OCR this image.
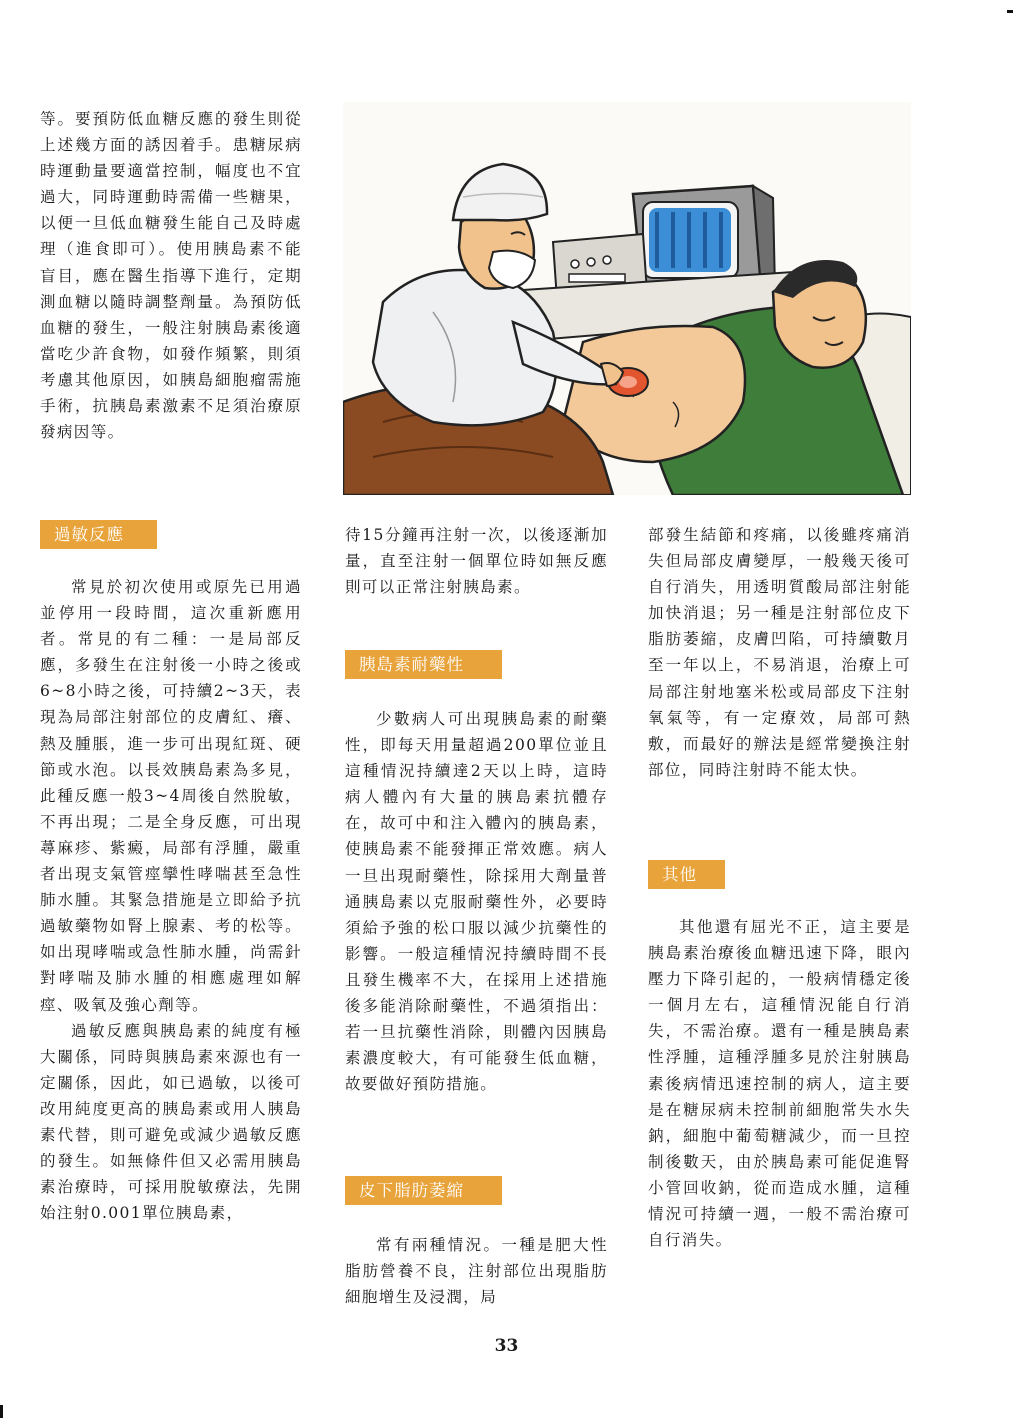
等。要預防低血糖反應的發生則從上述幾方面的誘因着手。患糖尿病時運動量要適當控制，幅度也不宜過大，同時運動時需備一些糖果，以便一旦低血糖發生能自己及時處理（進食即可）。使用胰島素不能盲目，應在醫生指導下進行，定期測血糖以隨時調整劑量。為預防低血糖的發生，一般注射胰島素後適當吃少許食物，如發作頻繁，則須考慮其他原因，如胰島細胞瘤需施手術，抗胰島素激素不足須治療原發病因等。

過敏反應

常見於初次使用或原先已用過並停用一段時間，這次重新應用者。常見的有二種：一是局部反應，多發生在注射後一小時之後或6~8小時之後，可持續2~3天，表現為局部注射部位的皮膚紅、癢、熱及腫脹，進一步可出現紅斑、硬節或水泡。以長效胰島素為多見，此種反應一般3~4周後自然脫敏，不再出現；二是全身反應，可出現蕁麻疹、紫癜，局部有浮腫，嚴重者出現支氣管痙攣性哮喘甚至急性肺水腫。其緊急措施是立即給予抗過敏藥物如腎上腺素、考的松等。如出現哮喘或急性肺水腫，尚需針對哮喘及肺水腫的相應處理如解痙、吸氧及強心劑等。

過敏反應與胰島素的純度有極大關係，同時與胰島素來源也有一定關係，因此，如已過敏，以後可改用純度更高的胰島素或用人胰島素代替，則可避免或減少過敏反應的發生。如無條件但又必需用胰島素治療時，可採用脫敏療法，先開始注射0.001單位胰島素，

待15分鐘再注射一次，以後逐漸加量，直至注射一個單位時如無反應則可以正常注射胰島素。

胰島素耐藥性

少數病人可出現胰島素的耐藥性，即每天用量超過200單位並且這種情況持續達2天以上時，這時病人體內有大量的胰島素抗體存在，故可中和注入體內的胰島素，使胰島素不能發揮正常效應。病人一旦出現耐藥性，除採用大劑量普通胰島素以克服耐藥性外，必要時須給予強的松口服以減少抗藥性的影響。一般這種情況持續時間不長且發生機率不大，在採用上述措施後多能消除耐藥性，不過須指出：若一旦抗藥性消除，則體內因胰島素濃度較大，有可能發生低血糖，故要做好預防措施。

皮下脂肪萎縮

常有兩種情況。一種是肥大性脂肪營養不良，注射部位出現脂肪細胞增生及浸潤，局

部發生結節和疼痛，以後雖疼痛消失但局部皮膚變厚，一般幾天後可自行消失，用透明質酸局部注射能加快消退；另一種是注射部位皮下脂肪萎縮，皮膚凹陷，可持續數月至一年以上，不易消退，治療上可局部注射地塞米松或局部皮下注射氧氣等，有一定療效，局部可熱敷，而最好的辦法是經常變換注射部位，同時注射時不能太快。

其他

其他還有屈光不正，這主要是胰島素治療後血糖迅速下降，眼內壓力下降引起的，一般病情穩定後一個月左右，這種情況能自行消失，不需治療。還有一種是胰島素性浮腫，這種浮腫多見於注射胰島素後病情迅速控制的病人，這主要是在糖尿病未控制前細胞常失水失鈉，細胞中葡萄糖減少，而一旦控制後數天，由於胰島素可能促進腎小管回收鈉，從而造成水腫，這種情況可持續一週，一般不需治療可自行消失。

33
